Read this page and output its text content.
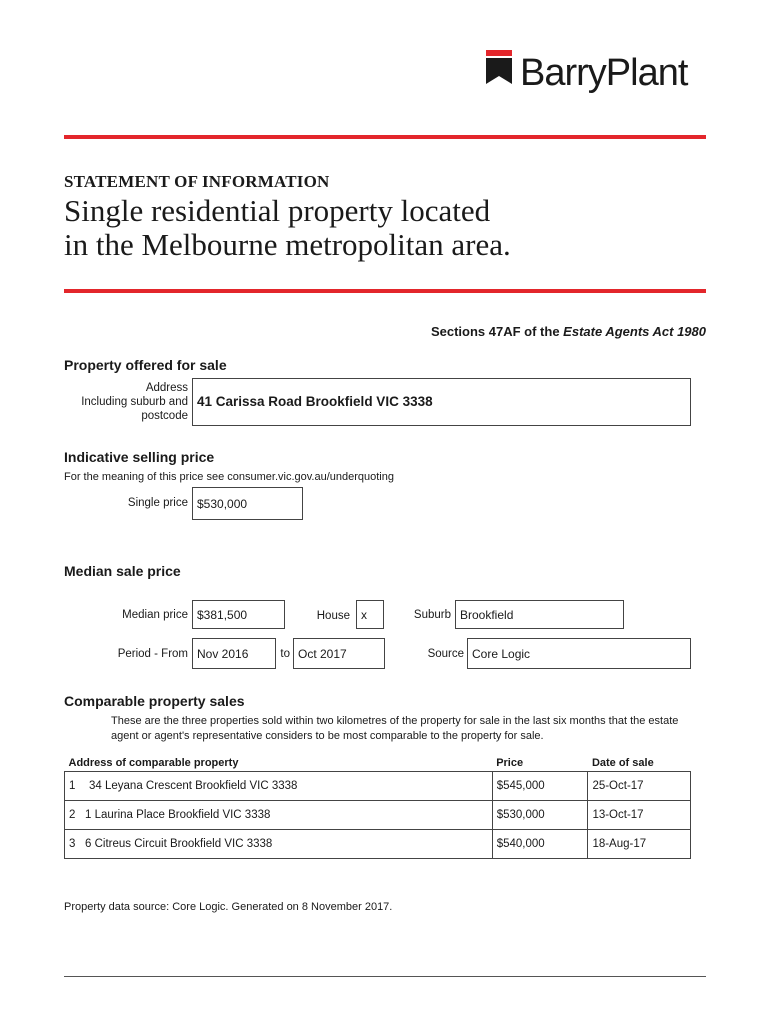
BarryPlant
STATEMENT OF INFORMATION
Single residential property located
in the Melbourne metropolitan area.
Sections 47AF of the Estate Agents Act 1980
Property offered for sale
Address
Including suburb and
postcode
41 Carissa Road Brookfield VIC 3338
Indicative selling price
For the meaning of this price see consumer.vic.gov.au/underquoting
Single price $530,000
Median sale price
Median price $381,500	House x	Suburb Brookfield
Period - From Nov 2016	to Oct 2017	Source Core Logic
Comparable property sales
These are the three properties sold within two kilometres of the property for sale in the last six months that the estate agent or agent's representative considers to be most comparable to the property for sale.
Address of comparable property	Price	Date of sale
1 34 Leyana Crescent Brookfield VIC 3338	$545,000	25-Oct-17
2 1 Laurina Place Brookfield VIC 3338	$530,000	13-Oct-17
3 6 Citreus Circuit Brookfield VIC 3338	$540,000	18-Aug-17
Property data source: Core Logic. Generated on 8 November 2017.
